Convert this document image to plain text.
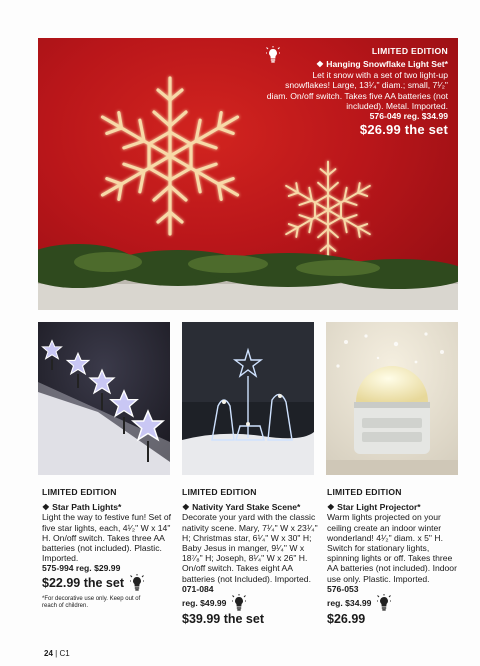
LIMITED EDITION
❖ Hanging Snowflake Light Set*
Let it snow with a set of two light-up snowflakes! Large, 13¹⁄₄" diam.; small, 7¹⁄₂" diam. On/off switch. Takes five AA batteries (not included). Metal. Imported.
576-049 reg. $34.99
$26.99 the set
LIMITED EDITION
❖ Star Path Lights*
Light the way to festive fun! Set of five star lights, each, 4¹⁄₂" W x 14" H. On/off switch. Takes three AA batteries (not included). Plastic. Imported.
575-994 reg. $29.99
$22.99 the set
*For decorative use only. Keep out of reach of children.
LIMITED EDITION
❖ Nativity Yard Stake Scene*
Decorate your yard with the classic nativity scene. Mary, 7¹⁄₄" W x 23¹⁄₄" H; Christmas star, 6¹⁄₄" W x 30" H; Baby Jesus in manger, 9¹⁄₄" W x 18⁷⁄₈" H; Joseph, 8¹⁄₄" W x 26" H. On/off switch. Takes eight AA batteries (not Included). Imported.
071-084
reg. $49.99
$39.99 the set
LIMITED EDITION
❖ Star Light Projector*
Warm lights projected on your ceiling create an indoor winter wonderland! 4¹⁄₂" diam. x 5" H. Switch for stationary lights, spinning lights or off. Takes three AA batteries (not included). Indoor use only. Plastic. Imported.
576-053
reg. $34.99
$26.99
24 | C1
